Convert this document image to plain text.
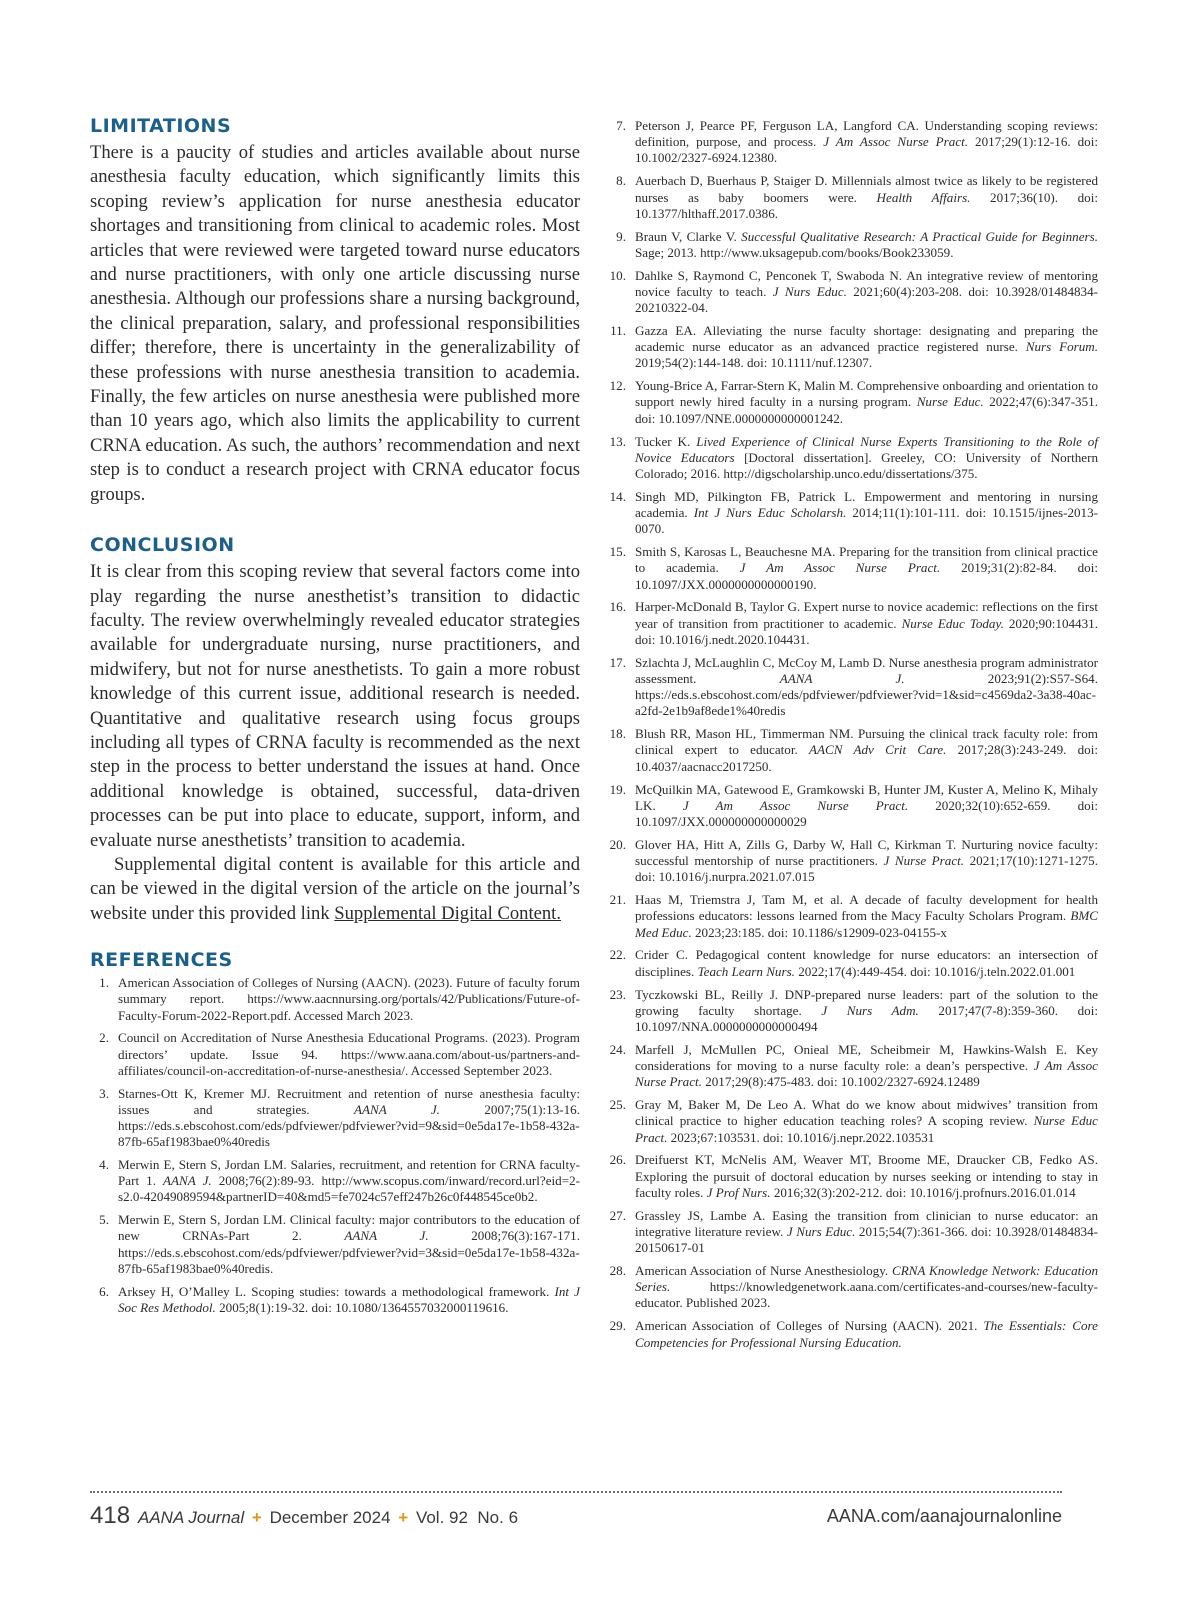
LIMITATIONS

There is a paucity of studies and articles available about nurse anesthesia faculty education, which significantly limits this scoping review’s application for nurse anesthesia educator shortages and transitioning from clinical to academic roles. Most articles that were reviewed were targeted toward nurse educators and nurse practitioners, with only one article discussing nurse anesthesia. Although our professions share a nursing background, the clinical preparation, salary, and professional responsibilities differ; therefore, there is uncertainty in the generalizability of these professions with nurse anesthesia transition to academia. Finally, the few articles on nurse anesthesia were published more than 10 years ago, which also limits the applicability to current CRNA education. As such, the authors’ recommendation and next step is to conduct a research project with CRNA educator focus groups.

CONCLUSION

It is clear from this scoping review that several factors come into play regarding the nurse anesthetist’s transition to didactic faculty. The review overwhelmingly revealed educator strategies available for undergraduate nursing, nurse practitioners, and midwifery, but not for nurse anesthetists. To gain a more robust knowledge of this current issue, additional research is needed. Quantitative and qualitative research using focus groups including all types of CRNA faculty is recommended as the next step in the process to better understand the issues at hand. Once additional knowledge is obtained, successful, data-driven processes can be put into place to educate, support, inform, and evaluate nurse anesthetists’ transition to academia.

Supplemental digital content is available for this article and can be viewed in the digital version of the article on the journal’s website under this provided link Supplemental Digital Content.

REFERENCES
1. American Association of Colleges of Nursing (AACN). (2023). Future of faculty forum summary report. https://www.aacnnursing.org/portals/42/Publications/Future-of-Faculty-Forum-2022-Report.pdf. Accessed March 2023.
2. Council on Accreditation of Nurse Anesthesia Educational Programs. (2023). Program directors’ update. Issue 94. https://www.aana.com/about-us/partners-and-affiliates/council-on-accreditation-of-nurse-anesthesia/. Accessed September 2023.
3. Starnes-Ott K, Kremer MJ. Recruitment and retention of nurse anesthesia faculty: issues and strategies.	AANA J.	2007;75(1):13-16. https://eds.s.ebscohost.com/eds/pdfviewer/pdfviewer?vid=9&sid=0e5da17e-1b58-432a-87fb-65af1983bae0%40redis
4. Merwin E, Stern S, Jordan LM. Salaries, recruitment, and retention for CRNA faculty-Part 1. AANA J. 2008;76(2):89-93. http://www.scopus.com/inward/record.url?eid=2-s2.0-42049089594&partnerID=40&md5=fe7024c57eff247b26c0f448545ce0b2.
5. Merwin E, Stern S, Jordan LM. Clinical faculty: major contributors to the education of new CRNAs-Part 2.	AANA J.	2008;76(3):167-171. https://eds.s.ebscohost.com/eds/pdfviewer/pdfviewer?vid=3&sid=0e5da17e-1b58-432a-87fb-65af1983bae0%40redis.
6. Arksey H, O’Malley L. Scoping studies: towards a methodological framework. Int J Soc Res Methodol. 2005;8(1):19-32. doi: 10.1080/1364557032000119616.
7. Peterson J, Pearce PF, Ferguson LA, Langford CA. Understanding scoping reviews: definition, purpose, and process. J Am Assoc Nurse Pract. 2017;29(1):12-16. doi: 10.1002/2327-6924.12380.
8. Auerbach D, Buerhaus P, Staiger D. Millennials almost twice as likely to be registered nurses as baby boomers were. Health Affairs. 2017;36(10). doi: 10.1377/hlthaff.2017.0386.
9. Braun V, Clarke V. Successful Qualitative Research: A Practical Guide for Beginners. Sage; 2013. http://www.uksagepub.com/books/Book233059.
10. Dahlke S, Raymond C, Penconek T, Swaboda N. An integrative review of mentoring novice faculty to teach. J Nurs Educ. 2021;60(4):203-208. doi: 10.3928/01484834-20210322-04.
11. Gazza EA. Alleviating the nurse faculty shortage: designating and preparing the academic nurse educator as an advanced practice registered nurse. Nurs Forum. 2019;54(2):144-148. doi: 10.1111/nuf.12307.
12. Young-Brice A, Farrar-Stern K, Malin M. Comprehensive onboarding and orientation to support newly hired faculty in a nursing program. Nurse Educ. 2022;47(6):347-351. doi: 10.1097/NNE.0000000000001242.
13. Tucker K. Lived Experience of Clinical Nurse Experts Transitioning to the Role of Novice Educators [Doctoral dissertation]. Greeley, CO: University of Northern Colorado; 2016. http://digscholarship.unco.edu/dissertations/375.
14. Singh MD, Pilkington FB, Patrick L. Empowerment and mentoring in nursing academia. Int J Nurs Educ Scholarsh. 2014;11(1):101-111. doi: 10.1515/ijnes-2013-0070.
15. Smith S, Karosas L, Beauchesne MA. Preparing for the transition from clinical practice to academia. J Am Assoc Nurse Pract. 2019;31(2):82-84. doi: 10.1097/JXX.0000000000000190.
16. Harper-McDonald B, Taylor G. Expert nurse to novice academic: reflections on the first year of transition from practitioner to academic. Nurse Educ Today. 2020;90:104431. doi: 10.1016/j.nedt.2020.104431.
17. Szlachta J, McLaughlin C, McCoy M, Lamb D. Nurse anesthesia program administrator assessment.	AANA J.	2023;91(2):S57-S64. https://eds.s.ebscohost.com/eds/pdfviewer/pdfviewer?vid=1&sid=c4569da2-3a38-40ac-a2fd-2e1b9af8ede1%40redis
18. Blush RR, Mason HL, Timmerman NM. Pursuing the clinical track faculty role: from clinical expert to educator. AACN Adv Crit Care. 2017;28(3):243-249. doi: 10.4037/aacnacc2017250.
19. McQuilkin MA, Gatewood E, Gramkowski B, Hunter JM, Kuster A, Melino K, Mihaly LK. J Am Assoc Nurse Pract. 2020;32(10):652-659. doi: 10.1097/JXX.000000000000029
20. Glover HA, Hitt A, Zills G, Darby W, Hall C, Kirkman T. Nurturing novice faculty: successful mentorship of nurse practitioners. J Nurse Pract. 2021;17(10):1271-1275. doi: 10.1016/j.nurpra.2021.07.015
21. Haas M, Triemstra J, Tam M, et al. A decade of faculty development for health professions educators: lessons learned from the Macy Faculty Scholars Program. BMC Med Educ. 2023;23:185. doi: 10.1186/s12909-023-04155-x
22. Crider C. Pedagogical content knowledge for nurse educators: an intersection of disciplines. Teach Learn Nurs. 2022;17(4):449-454. doi: 10.1016/j.teln.2022.01.001
23. Tyczkowski BL, Reilly J. DNP-prepared nurse leaders: part of the solution to the growing faculty shortage. J Nurs Adm. 2017;47(7-8):359-360. doi: 10.1097/NNA.0000000000000494
24. Marfell J, McMullen PC, Onieal ME, Scheibmeir M, Hawkins-Walsh E. Key considerations for moving to a nurse faculty role: a dean’s perspective. J Am Assoc Nurse Pract. 2017;29(8):475-483. doi: 10.1002/2327-6924.12489
25. Gray M, Baker M, De Leo A. What do we know about midwives’ transition from clinical practice to higher education teaching roles? A scoping review. Nurse Educ Pract. 2023;67:103531. doi: 10.1016/j.nepr.2022.103531
26. Dreifuerst KT, McNelis AM, Weaver MT, Broome ME, Draucker CB, Fedko AS. Exploring the pursuit of doctoral education by nurses seeking or intending to stay in faculty roles. J Prof Nurs. 2016;32(3):202-212. doi: 10.1016/j.profnurs.2016.01.014
27. Grassley JS, Lambe A. Easing the transition from clinician to nurse educator: an integrative literature review. J Nurs Educ. 2015;54(7):361-366. doi: 10.3928/01484834-20150617-01
28. American Association of Nurse Anesthesiology. CRNA Knowledge Network: Education Series.	https://knowledgenetwork.aana.com/certificates-and-courses/new-faculty-educator. Published 2023.
29. American Association of Colleges of Nursing (AACN). 2021. The Essentials: Core Competencies for Professional Nursing Education.
418 AANA Journal + December 2024 + Vol. 92 No. 6	AANA.com/aanajournalonline
